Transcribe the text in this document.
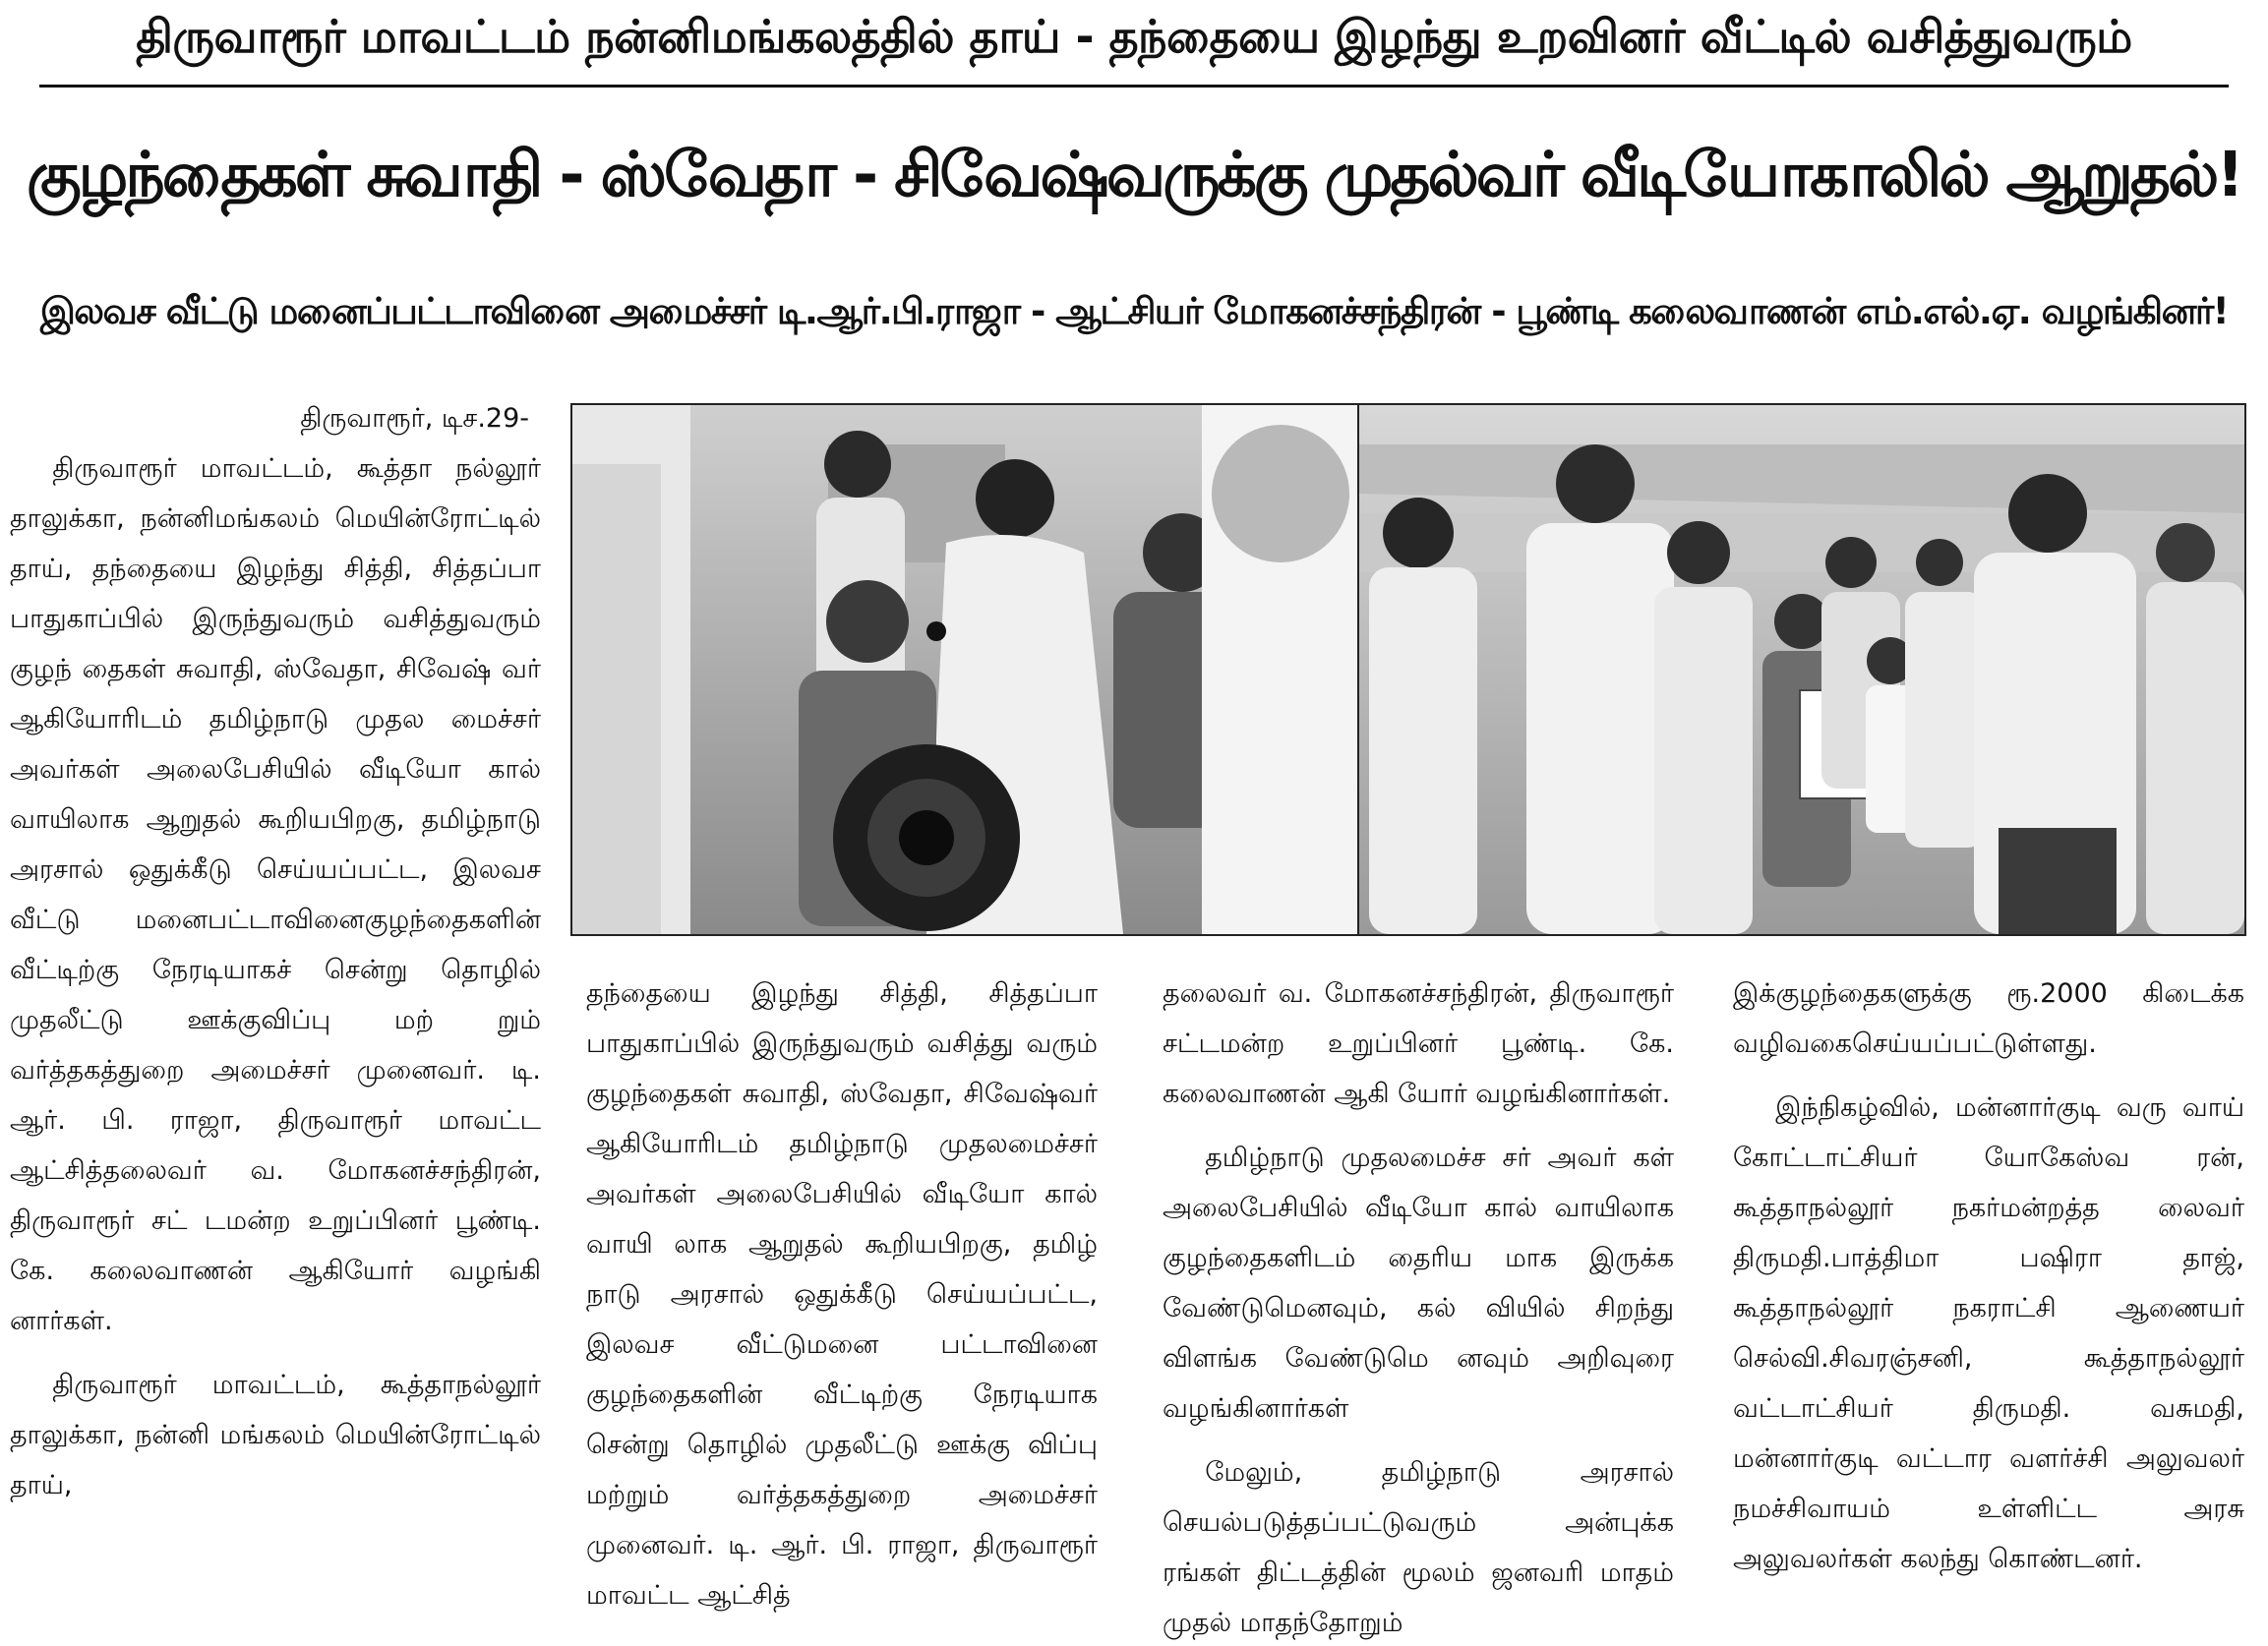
திருவாரூர் மாவட்டம் நன்னிமங்கலத்தில் தாய் - தந்தையை இழந்து உறவினர் வீட்டில் வசித்துவரும்
குழந்தைகள் சுவாதி - ஸ்வேதா - சிவேஷ்வருக்கு முதல்வர் வீடியோகாலில் ஆறுதல்!
இலவச வீட்டு மனைப்பட்டாவினை அமைச்சர் டி.ஆர்.பி.ராஜா - ஆட்சியர் மோகனச்சந்திரன் - பூண்டி கலைவாணன் எம்.எல்.ஏ. வழங்கினர்!

திருவாரூர், டிச.29-

திருவாரூர் மாவட்டம், கூத்தா நல்லூர் தாலுக்கா, நன்னிமங்கலம் மெயின்ரோட்டில் தாய், தந்தையை இழந்து சித்தி, சித்தப்பா பாதுகாப்பில் இருந்துவரும் வசித்துவரும் குழந் தைகள் சுவாதி, ஸ்வேதா, சிவேஷ் வர் ஆகியோரிடம் தமிழ்நாடு முதல மைச்சர் அவர்கள் அலைபேசியில் வீடியோ கால் வாயிலாக ஆறுதல் கூறியபிறகு, தமிழ்நாடு அரசால் ஒதுக்கீடு செய்யப்பட்ட, இலவச வீட்டு மனைபட்டாவினைகுழந்தைகளின் வீட்டிற்கு நேரடியாகச் சென்று தொழில் முதலீட்டு ஊக்குவிப்பு மற் றும் வர்த்தகத்துறை அமைச்சர் முனைவர். டி. ஆர். பி. ராஜா, திருவாரூர் மாவட்ட ஆட்சித்தலைவர் வ. மோகனச்சந்திரன், திருவாரூர் சட் டமன்ற உறுப்பினர் பூண்டி. கே. கலைவாணன் ஆகியோர் வழங்கி னார்கள்.

திருவாரூர் மாவட்டம், கூத்தாநல்லூர் தாலுக்கா, நன்னி மங்கலம் மெயின்ரோட்டில் தாய்,

தந்தையை இழந்து சித்தி, சித்தப்பா பாதுகாப்பில் இருந்துவரும் வசித்து வரும் குழந்தைகள் சுவாதி, ஸ்வேதா, சிவேஷ்வர் ஆகியோரிடம் தமிழ்நாடு முதலமைச்சர் அவர்கள் அலைபேசியில் வீடியோ கால் வாயி லாக ஆறுதல் கூறியபிறகு, தமிழ் நாடு அரசால் ஒதுக்கீடு செய்யப்பட்ட, இலவச வீட்டுமனை பட்டாவினை குழந்தைகளின் வீட்டிற்கு நேரடியாக சென்று தொழில் முதலீட்டு ஊக்கு விப்பு மற்றும் வர்த்தகத்துறை அமைச்சர் முனைவர். டி. ஆர். பி. ராஜா, திருவாரூர் மாவட்ட ஆட்சித்

தலைவர் வ. மோகனச்சந்திரன், திருவாரூர் சட்டமன்ற உறுப்பினர் பூண்டி. கே. கலைவாணன் ஆகி யோர் வழங்கினார்கள்.

தமிழ்நாடு முதலமைச்ச சர் அவர் கள் அலைபேசியில் வீடியோ கால் வாயிலாக குழந்தைகளிடம் தைரிய மாக இருக்க வேண்டுமெனவும், கல் வியில் சிறந்து விளங்க வேண்டுமெ னவும் அறிவுரை வழங்கினார்கள்

மேலும், தமிழ்நாடு அரசால் செயல்படுத்தப்பட்டுவரும் அன்புக்க ரங்கள் திட்டத்தின் மூலம் ஜனவரி மாதம் முதல் மாதந்தோறும்

இக்குழந்தைகளுக்கு ரூ.2000 கிடைக்க வழிவகைசெய்யப்பட்டுள்ளது.

இந்நிகழ்வில், மன்னார்குடி வரு வாய் கோட்டாட்சியர் யோகேஸ்வ ரன், கூத்தாநல்லூர் நகர்மன்றத்த லைவர் திருமதி.பாத்திமா பஷிரா தாஜ், கூத்தாநல்லூர் நகராட்சி ஆணையர் செல்வி.சிவரஞ்சனி, கூத்தாநல்லூர் வட்டாட்சியர் திருமதி. வசுமதி, மன்னார்குடி வட்டார வளர்ச்சி அலுவலர் நமச்சிவாயம் உள்ளிட்ட அரசு அலுவலர்கள் கலந்து கொண்டனர்.
